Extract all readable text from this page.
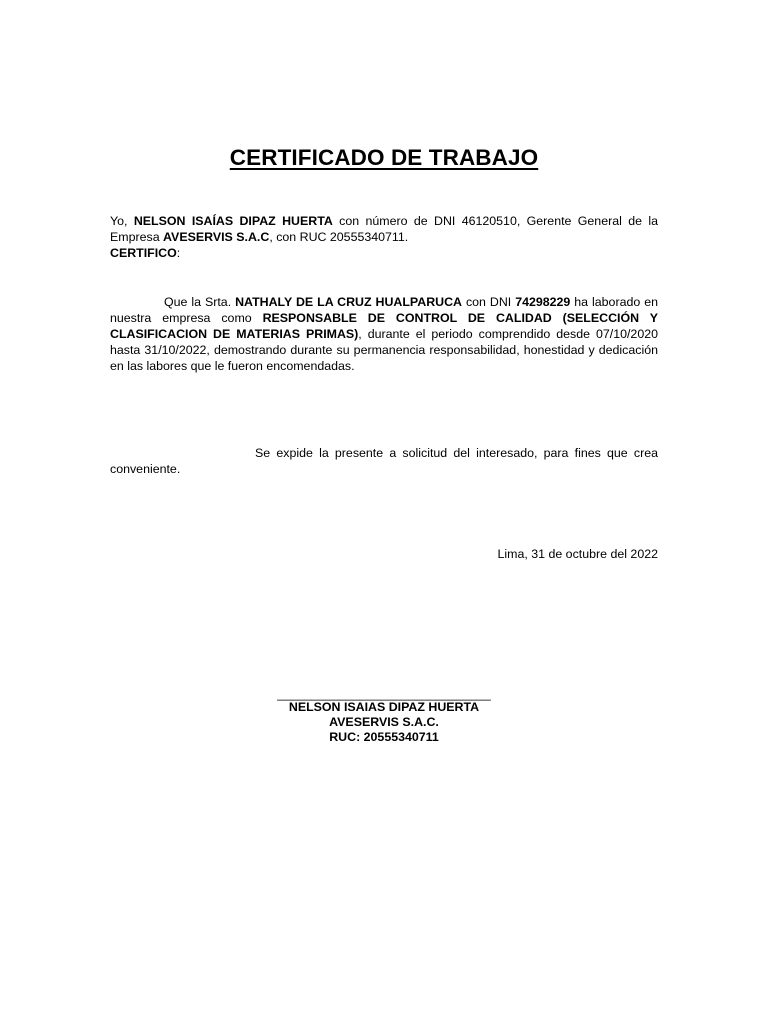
CERTIFICADO DE TRABAJO
Yo, NELSON ISAÍAS DIPAZ HUERTA con número de DNI 46120510, Gerente General de la Empresa AVESERVIS S.A.C, con RUC 20555340711.
CERTIFICO:
Que la Srta. NATHALY DE LA CRUZ HUALPARUCA con DNI 74298229 ha laborado en nuestra empresa como RESPONSABLE DE CONTROL DE CALIDAD (SELECCIÓN Y CLASIFICACION DE MATERIAS PRIMAS), durante el periodo comprendido desde 07/10/2020 hasta 31/10/2022, demostrando durante su permanencia responsabilidad, honestidad y dedicación en las labores que le fueron encomendadas.
Se expide la presente a solicitud del interesado, para fines que crea conveniente.
Lima, 31 de octubre del 2022
_______________________________
NELSON ISAIAS DIPAZ HUERTA
AVESERVIS S.A.C.
RUC: 20555340711
